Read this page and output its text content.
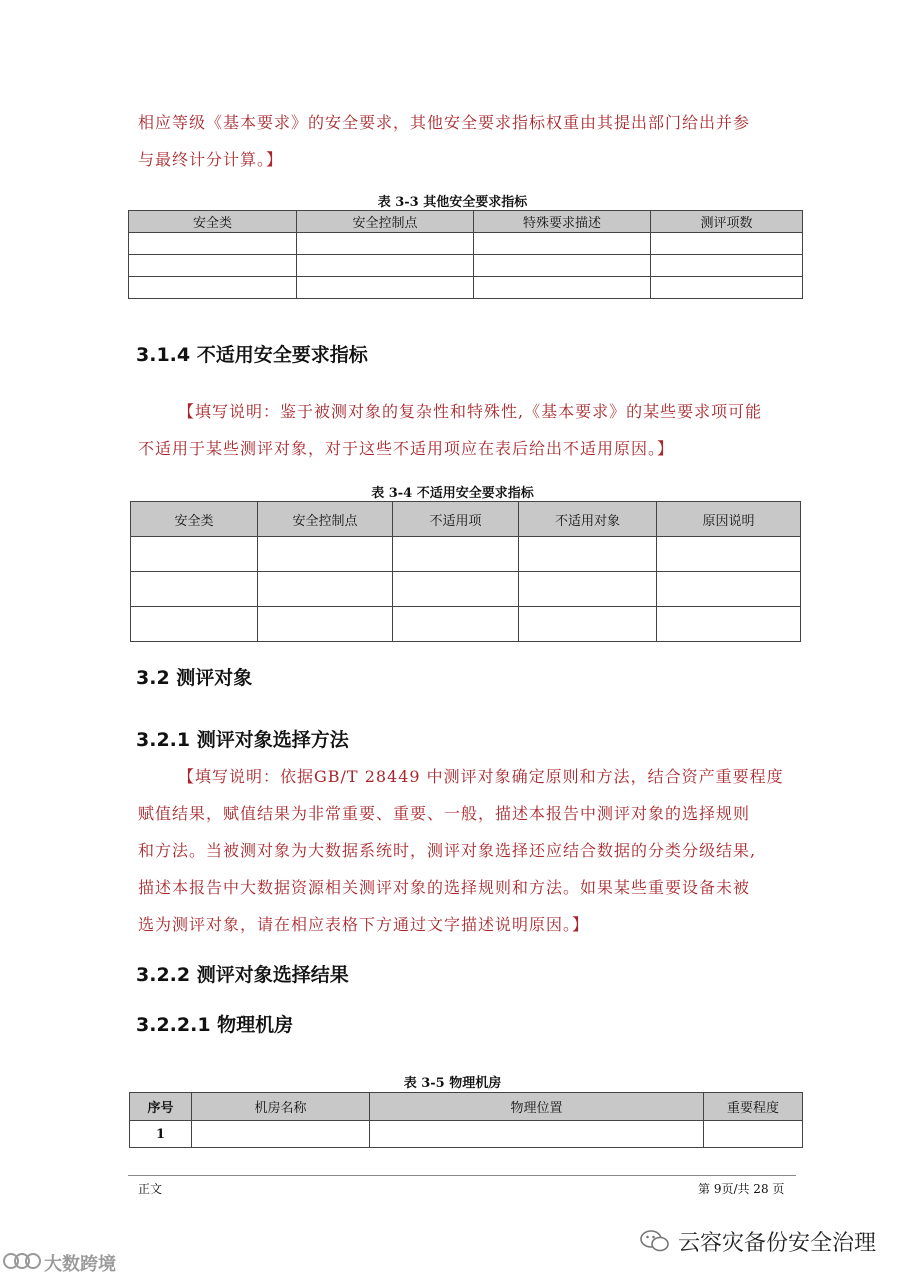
相应等级《基本要求》的安全要求，其他安全要求指标权重由其提出部门给出并参
与最终计分计算。】
表 3-3 其他安全要求指标
安全类	安全控制点	特殊要求描述	测评项数

3.1.4 不适用安全要求指标
【填写说明：鉴于被测对象的复杂性和特殊性,《基本要求》的某些要求项可能
不适用于某些测评对象，对于这些不适用项应在表后给出不适用原因。】
表 3-4 不适用安全要求指标
安全类	安全控制点	不适用项	不适用对象	原因说明

3.2 测评对象
3.2.1 测评对象选择方法
【填写说明：依据GB/T 28449 中测评对象确定原则和方法，结合资产重要程度
赋值结果，赋值结果为非常重要、重要、一般，描述本报告中测评对象的选择规则
和方法。当被测对象为大数据系统时，测评对象选择还应结合数据的分类分级结果,
描述本报告中大数据资源相关测评对象的选择规则和方法。如果某些重要设备未被
选为测评对象，请在相应表格下方通过文字描述说明原因。】
3.2.2 测评对象选择结果
3.2.2.1 物理机房
表 3-5 物理机房
序号	机房名称	物理位置	重要程度
1			
正文	第 9页/共 28 页
云容灾备份安全治理
大数跨境
